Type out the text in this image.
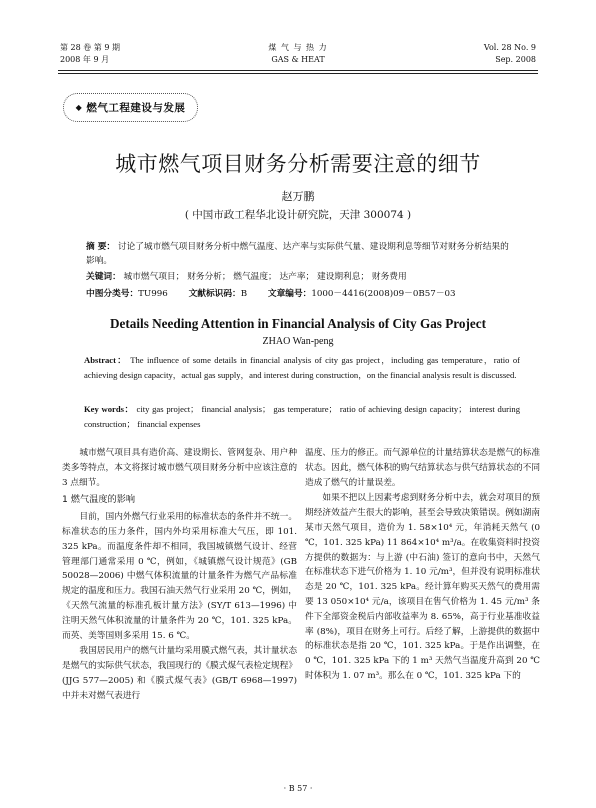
第 28 卷 第 9 期
2008 年 9 月
煤 气 与 热 力
GAS & HEAT
Vol. 28 No. 9
Sep. 2008
◆ 燃气工程建设与发展
城市燃气项目财务分析需要注意的细节
赵万鹏
( 中国市政工程华北设计研究院，天津 300074 )
摘 要： 讨论了城市燃气项目财务分析中燃气温度、达产率与实际供气量、建设期利息等细节对财务分析结果的影响。
关键词： 城市燃气项目； 财务分析； 燃气温度； 达产率； 建设期利息； 财务费用
中图分类号：TU996 文献标识码：B 文章编号：1000－4416(2008)09－0B57－03
Details Needing Attention in Financial Analysis of City Gas Project
ZHAO Wan-peng
Abstract： The influence of some details in financial analysis of city gas project，including gas temperature，ratio of achieving design capacity，actual gas supply，and interest during construction，on the financial analysis result is discussed.
Key words： city gas project； financial analysis； gas temperature； ratio of achieving design capacity； interest during construction； financial expenses

城市燃气项目具有造价高、建设期长、管网复杂、用户种类多等特点，本文将探讨城市燃气项目财务分析中应该注意的 3 点细节。

1 燃气温度的影响

目前，国内外燃气行业采用的标准状态的条件并不统一。标准状态的压力条件，国内外均采用标准大气压，即 101. 325 kPa。而温度条件却不相同，我国城镇燃气设计、经营管理部门通常采用 0 ℃，例如，《城镇燃气设计规范》(GB 50028—2006) 中燃气体积流量的计量条件为燃气产品标准规定的温度和压力。我国石油天然气行业采用 20 ℃，例如，《天然气流量的标准孔板计量方法》(SY/T 613—1996) 中注明天然气体积流量的计量条件为 20 ℃，101. 325 kPa。而英、美等国则多采用 15. 6 ℃。

我国居民用户的燃气计量均采用膜式燃气表，其计量状态是燃气的实际供气状态，我国现行的《膜式煤气表检定规程》(JJG 577—2005) 和《膜式煤气表》(GB/T 6968—1997) 中并未对燃气表进行

温度、压力的修正。而气源单位的计量结算状态是燃气的标准状态。因此，燃气体积的购气结算状态与供气结算状态的不同造成了燃气的计量误差。

如果不把以上因素考虑到财务分析中去，就会对项目的预期经济效益产生很大的影响，甚至会导致决策错误。例如湖南某市天然气项目，造价为 1. 58×10⁴ 元，年消耗天然气 (0 ℃，101. 325 kPa) 11 864×10⁴ m³/a。在收集资料时投资方提供的数据为：与上游 (中石油) 签订的意向书中，天然气在标准状态下进气价格为 1. 10 元/m³，但并没有说明标准状态是 20 ℃，101. 325 kPa。经计算年购买天然气的费用需要 13 050×10⁴ 元/a，该项目在售气价格为 1. 45 元/m³ 条件下全部资金税后内部收益率为 8. 65%，高于行业基准收益率 (8%)，项目在财务上可行。后经了解，上游提供的数据中的标准状态是指 20 ℃，101. 325 kPa。于是作出调整，在 0 ℃，101. 325 kPa 下的 1 m³ 天然气当温度升高到 20 ℃ 时体积为 1. 07 m³。那么在 0 ℃，101. 325 kPa 下的

· B 57 ·
